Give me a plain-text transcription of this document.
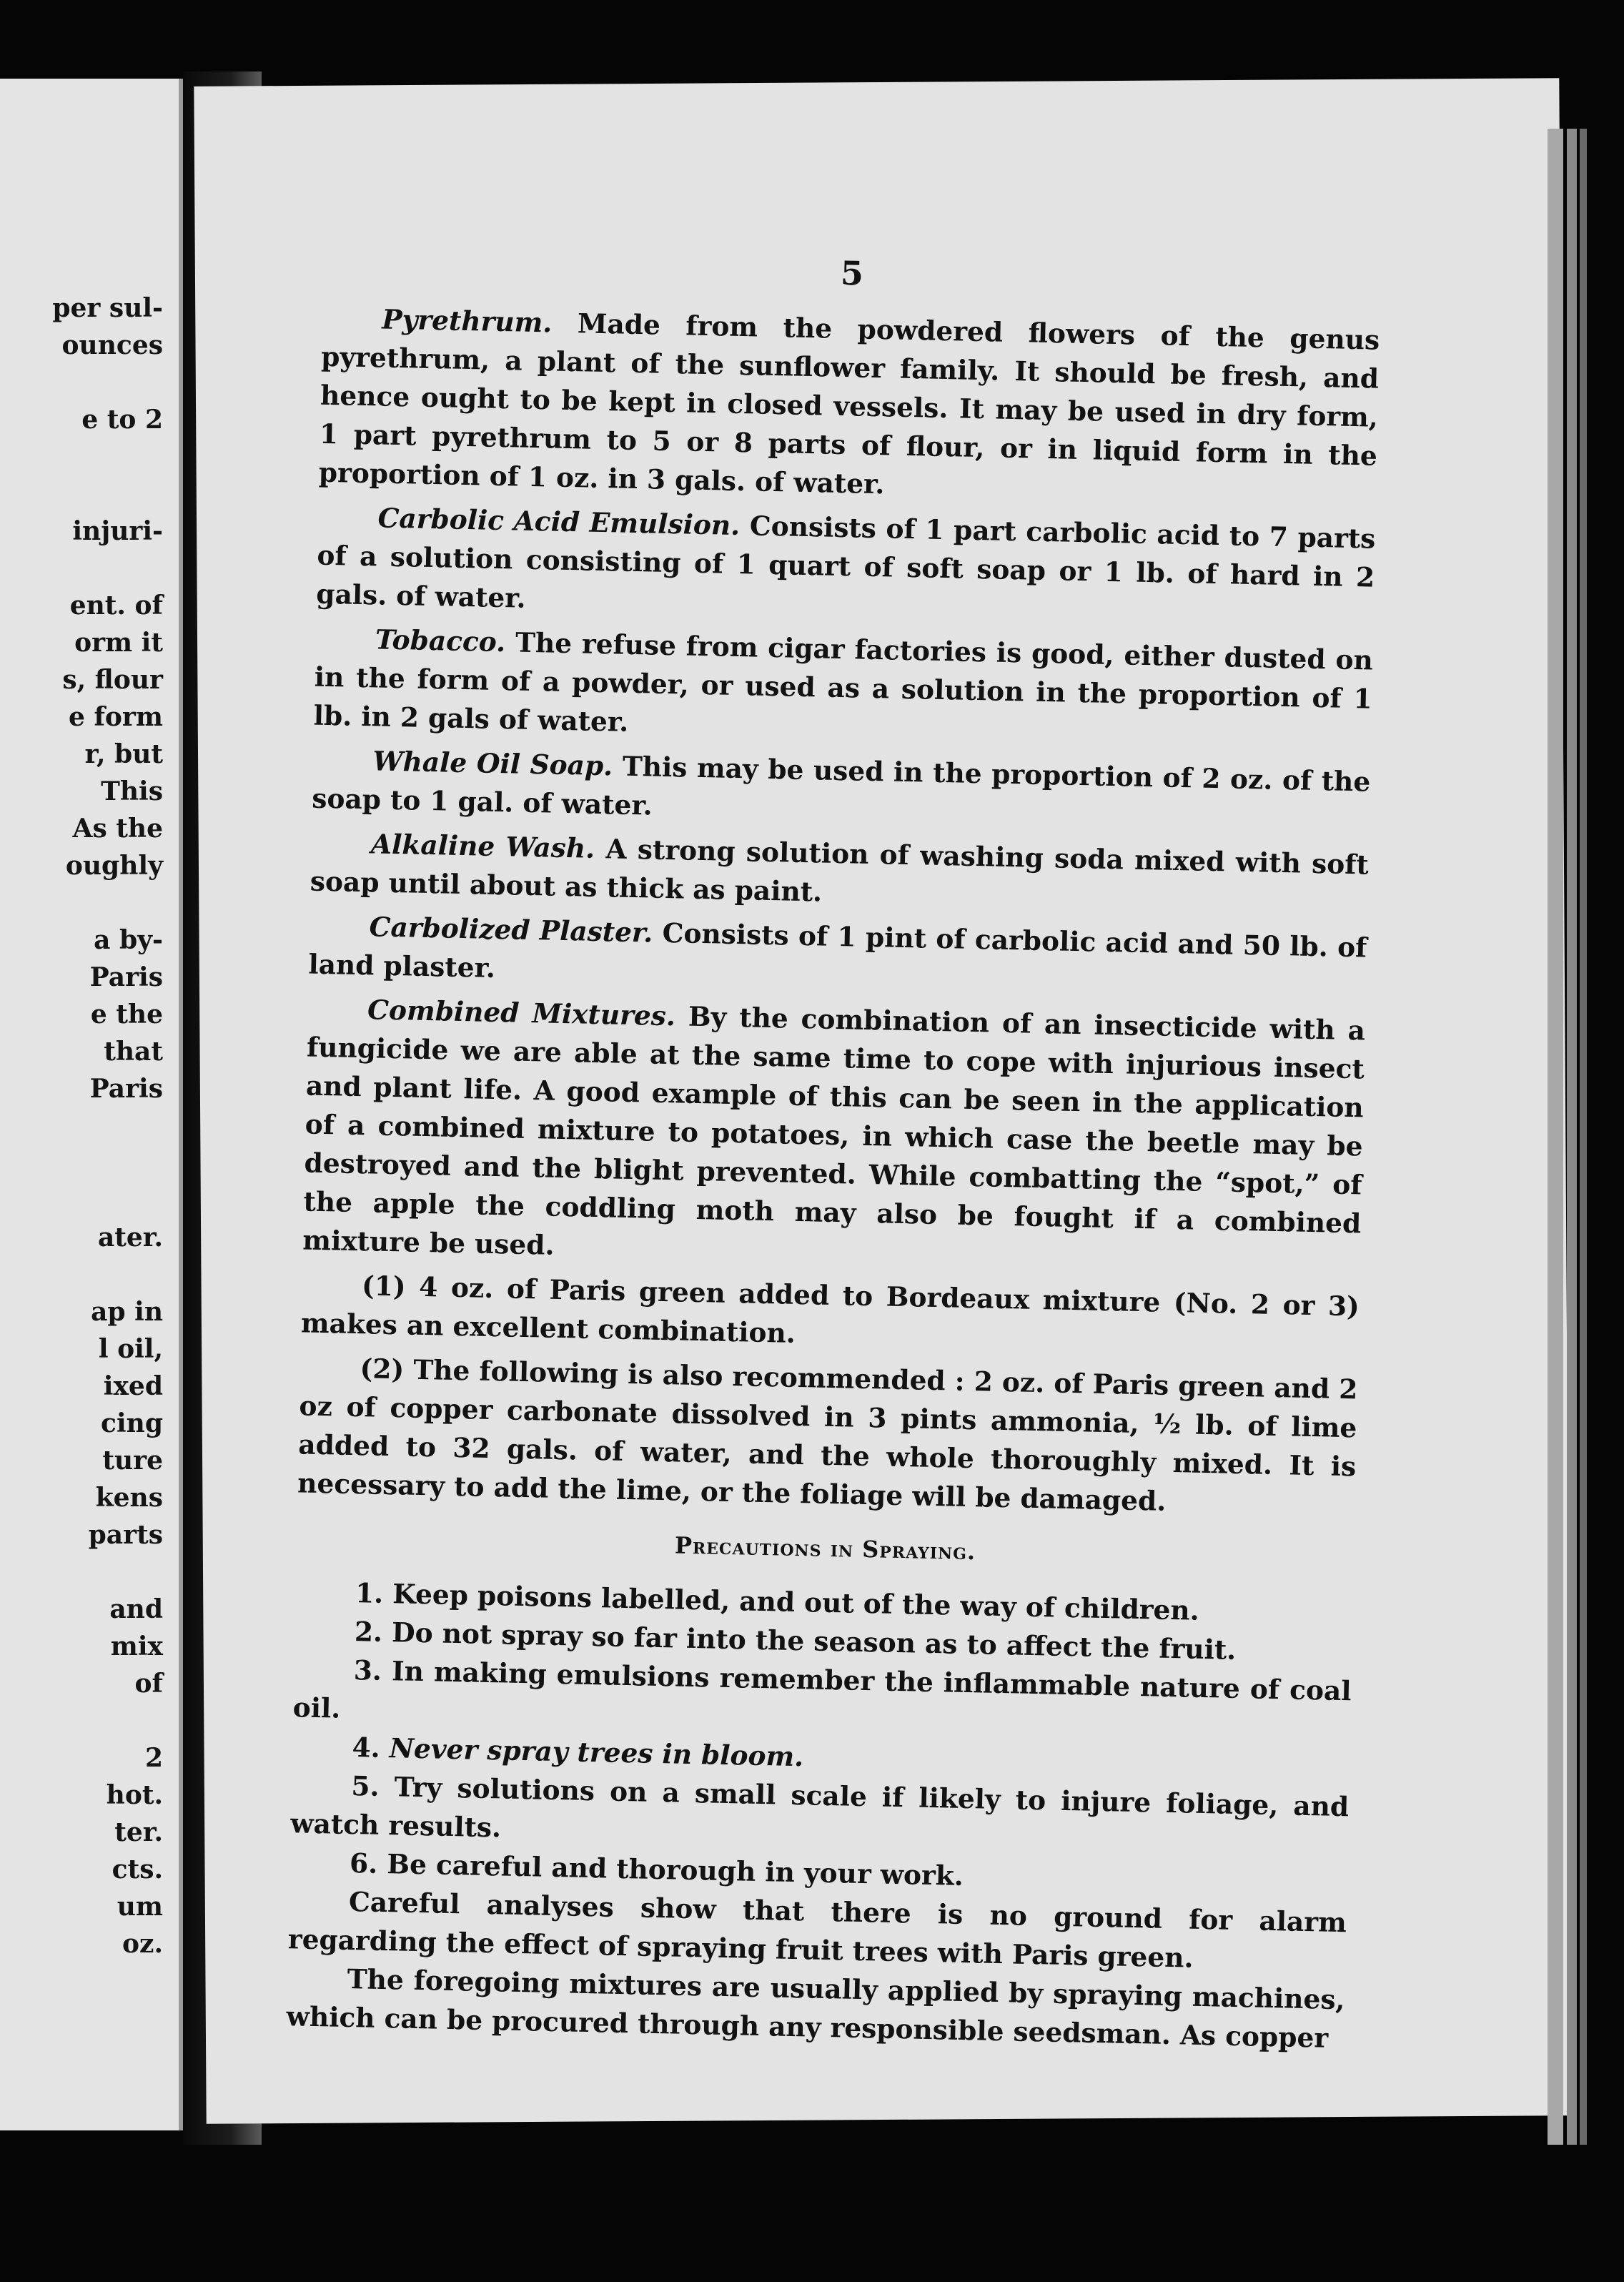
per sul-
ounces
e to 2
injuri-
ent. of
orm it
s, flour
e form
r, but
This
As the
oughly
a by-
Paris
e the
that
Paris
ater.
ap in
l oil,
ixed
cing
ture
kens
parts
and
mix
of
2
hot.
ter.
cts.
um
oz.
5

Pyrethrum. Made from the powdered flowers of the genus pyrethrum, a plant of the sunflower family. It should be fresh, and hence ought to be kept in closed vessels. It may be used in dry form, 1 part pyrethrum to 5 or 8 parts of flour, or in liquid form in the proportion of 1 oz. in 3 gals. of water.

Carbolic Acid Emulsion. Consists of 1 part carbolic acid to 7 parts of a solution consisting of 1 quart of soft soap or 1 lb. of hard in 2 gals. of water.

Tobacco. The refuse from cigar factories is good, either dusted on in the form of a powder, or used as a solution in the proportion of 1 lb. in 2 gals of water.

Whale Oil Soap. This may be used in the proportion of 2 oz. of the soap to 1 gal. of water.

Alkaline Wash. A strong solution of washing soda mixed with soft soap until about as thick as paint.

Carbolized Plaster. Consists of 1 pint of carbolic acid and 50 lb. of land plaster.

Combined Mixtures. By the combination of an insecticide with a fungicide we are able at the same time to cope with injurious insect and plant life. A good example of this can be seen in the application of a combined mixture to potatoes, in which case the beetle may be destroyed and the blight prevented. While combatting the “spot,” of the apple the coddling moth may also be fought if a combined mixture be used.

(1) 4 oz. of Paris green added to Bordeaux mixture (No. 2 or 3) makes an excellent combination.

(2) The following is also recommended : 2 oz. of Paris green and 2 oz of copper carbonate dissolved in 3 pints ammonia, ½ lb. of lime added to 32 gals. of water, and the whole thoroughly mixed. It is necessary to add the lime, or the foliage will be damaged.

Precautions in Spraying.

1. Keep poisons labelled, and out of the way of children.

2. Do not spray so far into the season as to affect the fruit.

3. In making emulsions remember the inflammable nature of coal oil.

4. Never spray trees in bloom.

5. Try solutions on a small scale if likely to injure foliage, and watch results.

6. Be careful and thorough in your work.

Careful analyses show that there is no ground for alarm regarding the effect of spraying fruit trees with Paris green.

The foregoing mixtures are usually applied by spraying machines, which can be procured through any responsible seedsman. As copper
